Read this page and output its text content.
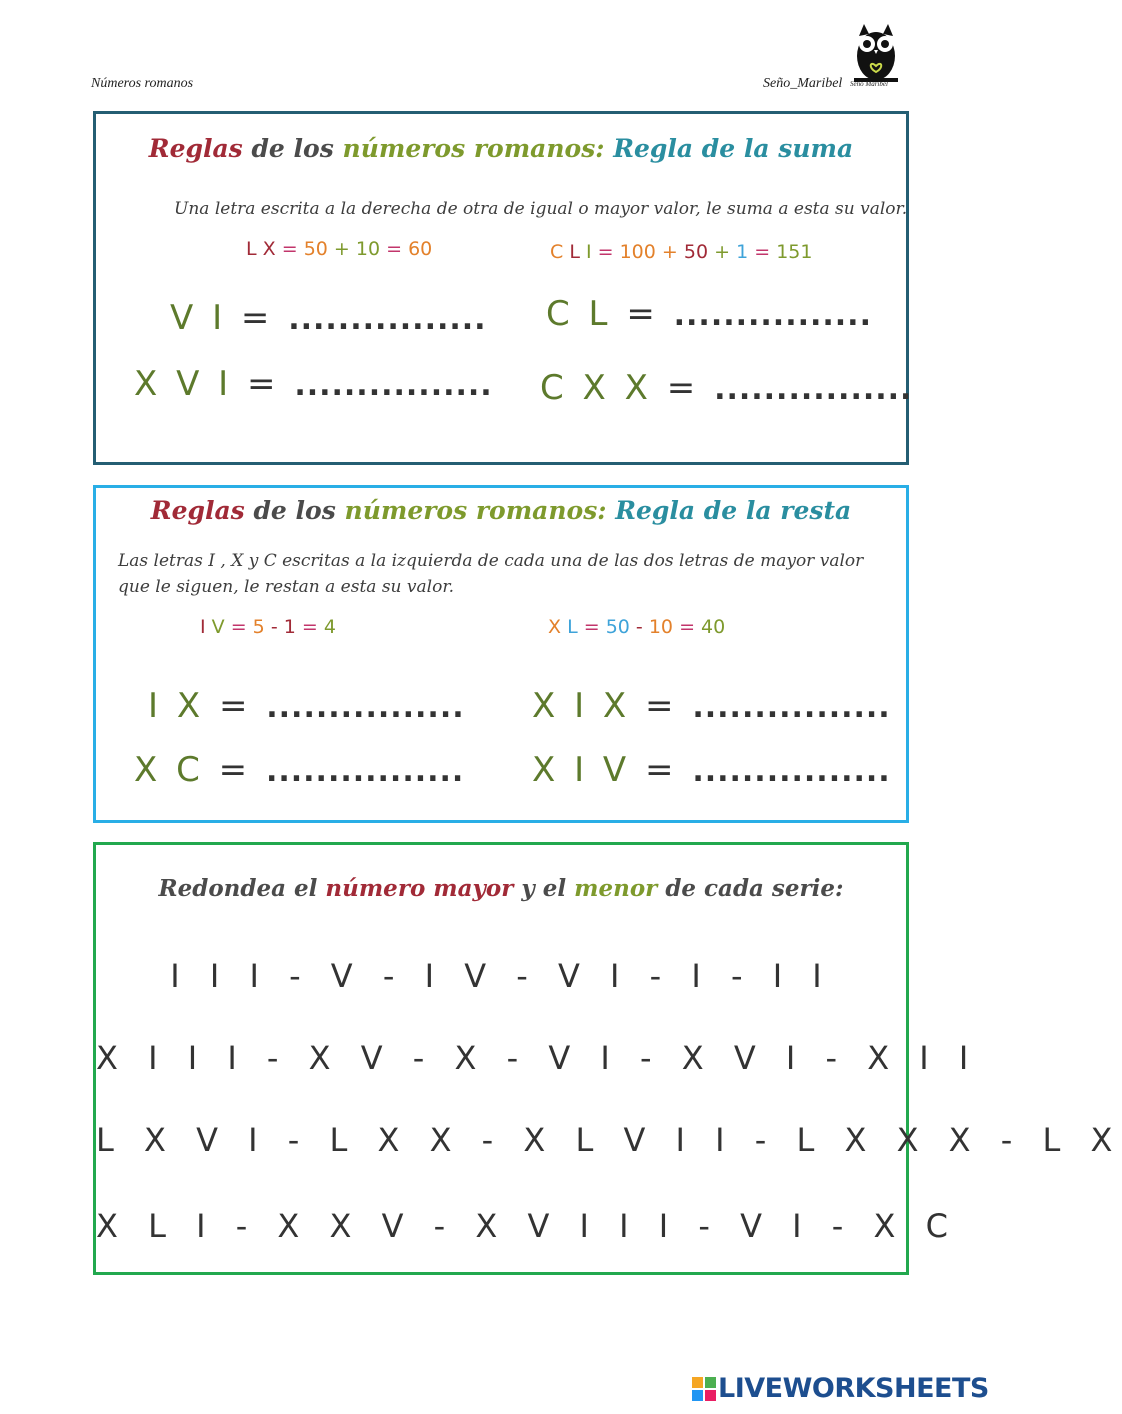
Números romanos	Seño_Maribel Seño Maribel
Reglas de los números romanos: Regla de la suma
Una letra escrita a la derecha de otra de igual o mayor valor, le suma a esta su valor.
L X = 50 + 10 = 60	C L I = 100 + 50 + 1 = 151
V I = ................ C L = ................
X V I = ................ C X X = ................
Reglas de los números romanos: Regla de la resta
Las letras I , X y C escritas a la izquierda de cada una de las dos letras de mayor valor que le siguen, le restan a esta su valor.
I V = 5 - 1 = 4	X L = 50 - 10 = 40
I X = ................ X I X = ................
X C = ................ X I V = ................
Redondea el número mayor y el menor de cada serie:
I I I - V - I V - V I - I - I I
X I I I - X V - X - V I - X V I - X I I
L X V I - L X X - X L V I I - L X X X - L X
X L I - X X V - X V I I I - V I - X C
LIVEWORKSHEETS
